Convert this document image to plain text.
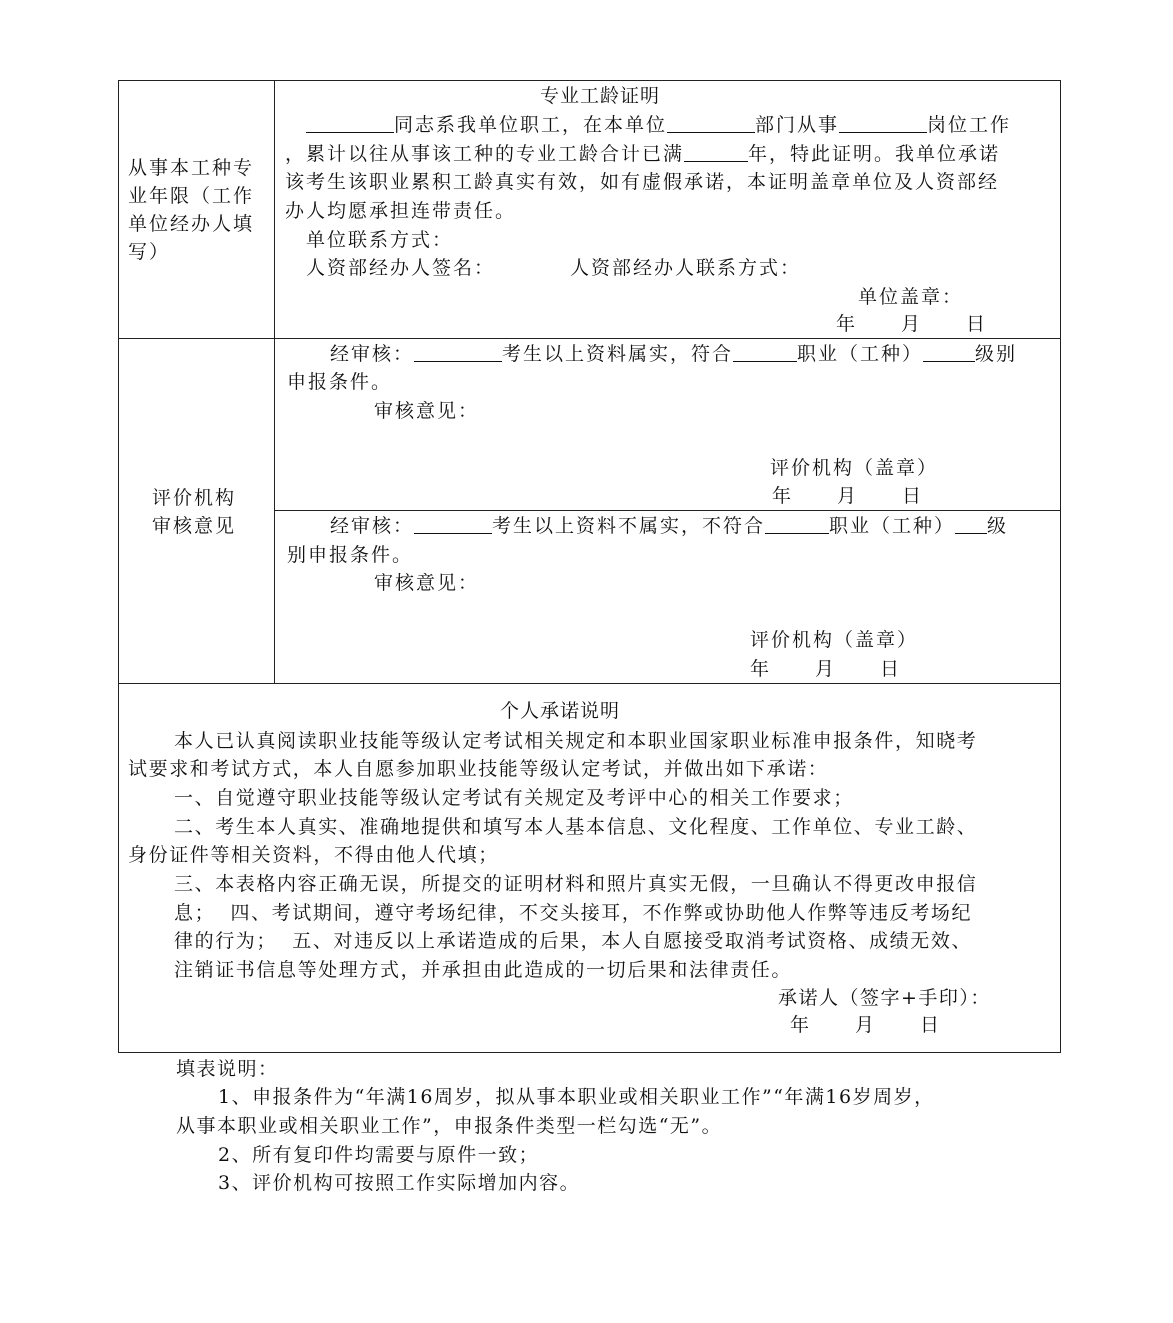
从事本工种专
业年限（工作
单位经办人填
写）
专业工龄证明
同志系我单位职工，在本单位	部门从事	岗位工作
，累计以往从事该工种的专业工龄合计已满	年，特此证明。我单位承诺
该考生该职业累积工龄真实有效，如有虚假承诺，本证明盖章单位及人资部经
办人均愿承担连带责任。
单位联系方式：
人资部经办人签名：	人资部经办人联系方式：
单位盖章：
年 月 日
评价机构
审核意见
经审核：	考生以上资料属实，符合	职业（工种）	级别
申报条件。
审核意见：
评价机构（盖章）
年 月 日
经审核：	考生以上资料不属实，不符合	职业（工种） 级
别申报条件。
审核意见：
评价机构（盖章）
年 月 日
个人承诺说明
本人已认真阅读职业技能等级认定考试相关规定和本职业国家职业标准申报条件，知晓考
试要求和考试方式，本人自愿参加职业技能等级认定考试，并做出如下承诺：
一、自觉遵守职业技能等级认定考试有关规定及考评中心的相关工作要求；
二、考生本人真实、准确地提供和填写本人基本信息、文化程度、工作单位、专业工龄、
身份证件等相关资料，不得由他人代填；
三、本表格内容正确无误，所提交的证明材料和照片真实无假，一旦确认不得更改申报信
息；  四、考试期间，遵守考场纪律，不交头接耳，不作弊或协助他人作弊等违反考场纪
律的行为；  五、对违反以上承诺造成的后果，本人自愿接受取消考试资格、成绩无效、
注销证书信息等处理方式，并承担由此造成的一切后果和法律责任。
承诺人（签字+手印）：
年 月 日
填表说明：
1、申报条件为“年满16周岁，拟从事本职业或相关职业工作”“年满16岁周岁，
从事本职业或相关职业工作”，申报条件类型一栏勾选“无”。
2、所有复印件均需要与原件一致；
3、评价机构可按照工作实际增加内容。
